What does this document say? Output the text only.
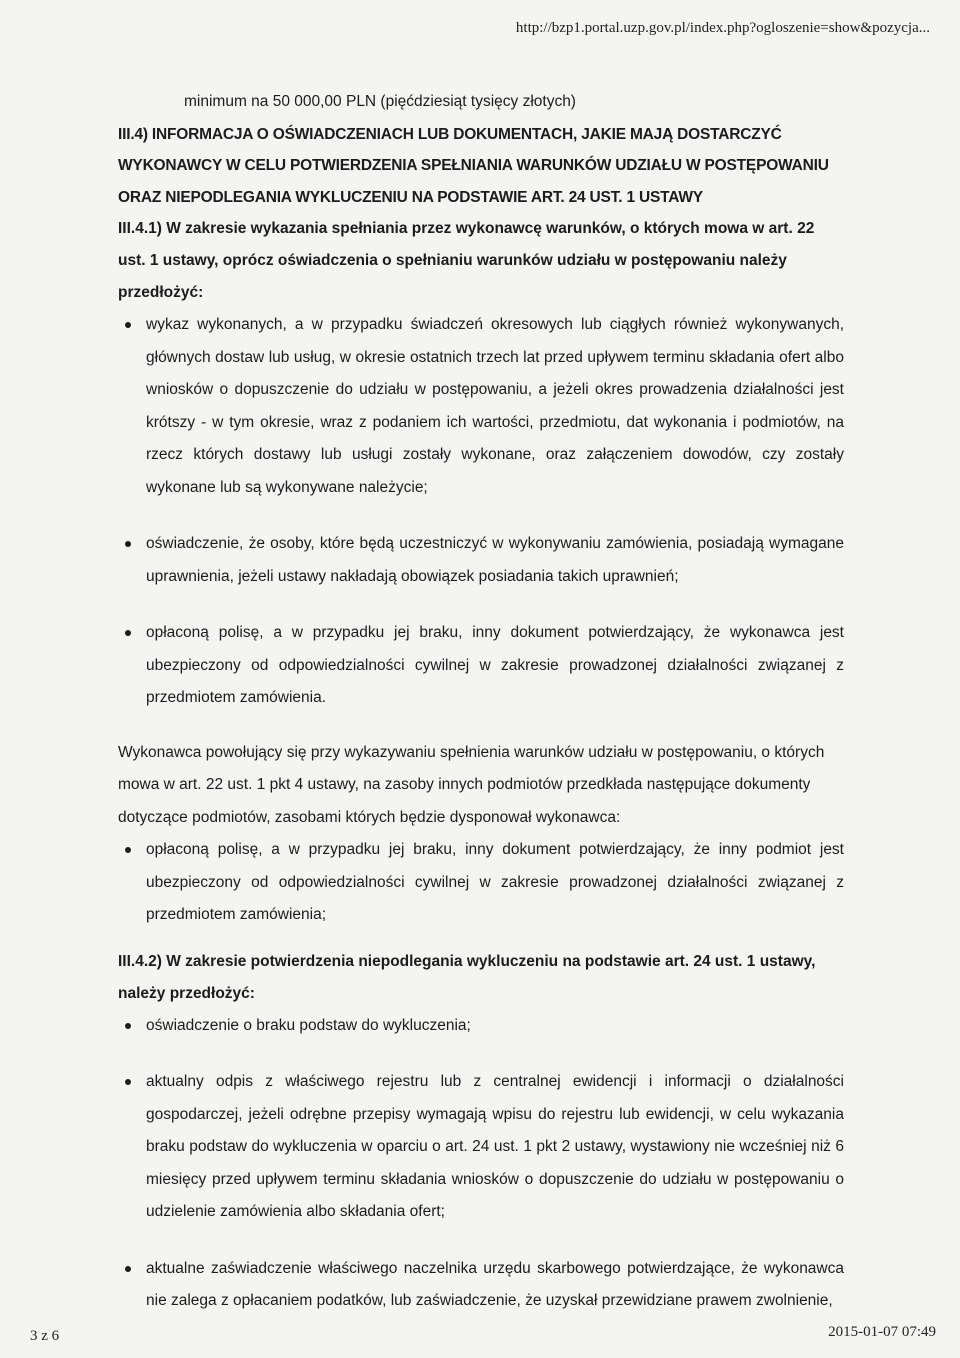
http://bzp1.portal.uzp.gov.pl/index.php?ogloszenie=show&pozycja...
minimum na 50 000,00 PLN (pięćdziesiąt tysięcy złotych)
III.4) INFORMACJA O OŚWIADCZENIACH LUB DOKUMENTACH, JAKIE MAJĄ DOSTARCZYĆ WYKONAWCY W CELU POTWIERDZENIA SPEŁNIANIA WARUNKÓW UDZIAŁU W POSTĘPOWANIU ORAZ NIEPODLEGANIA WYKLUCZENIU NA PODSTAWIE ART. 24 UST. 1 USTAWY
III.4.1) W zakresie wykazania spełniania przez wykonawcę warunków, o których mowa w art. 22 ust. 1 ustawy, oprócz oświadczenia o spełnianiu warunków udziału w postępowaniu należy przedłożyć:
wykaz wykonanych, a w przypadku świadczeń okresowych lub ciągłych również wykonywanych, głównych dostaw lub usług, w okresie ostatnich trzech lat przed upływem terminu składania ofert albo wniosków o dopuszczenie do udziału w postępowaniu, a jeżeli okres prowadzenia działalności jest krótszy - w tym okresie, wraz z podaniem ich wartości, przedmiotu, dat wykonania i podmiotów, na rzecz których dostawy lub usługi zostały wykonane, oraz załączeniem dowodów, czy zostały wykonane lub są wykonywane należycie;
oświadczenie, że osoby, które będą uczestniczyć w wykonywaniu zamówienia, posiadają wymagane uprawnienia, jeżeli ustawy nakładają obowiązek posiadania takich uprawnień;
opłaconą polisę, a w przypadku jej braku, inny dokument potwierdzający, że wykonawca jest ubezpieczony od odpowiedzialności cywilnej w zakresie prowadzonej działalności związanej z przedmiotem zamówienia.
Wykonawca powołujący się przy wykazywaniu spełnienia warunków udziału w postępowaniu, o których mowa w art. 22 ust. 1 pkt 4 ustawy, na zasoby innych podmiotów przedkłada następujące dokumenty dotyczące podmiotów, zasobami których będzie dysponował wykonawca:
opłaconą polisę, a w przypadku jej braku, inny dokument potwierdzający, że inny podmiot jest ubezpieczony od odpowiedzialności cywilnej w zakresie prowadzonej działalności związanej z przedmiotem zamówienia;
III.4.2) W zakresie potwierdzenia niepodlegania wykluczeniu na podstawie art. 24 ust. 1 ustawy, należy przedłożyć:
oświadczenie o braku podstaw do wykluczenia;
aktualny odpis z właściwego rejestru lub z centralnej ewidencji i informacji o działalności gospodarczej, jeżeli odrębne przepisy wymagają wpisu do rejestru lub ewidencji, w celu wykazania braku podstaw do wykluczenia w oparciu o art. 24 ust. 1 pkt 2 ustawy, wystawiony nie wcześniej niż 6 miesięcy przed upływem terminu składania wniosków o dopuszczenie do udziału w postępowaniu o udzielenie zamówienia albo składania ofert;
aktualne zaświadczenie właściwego naczelnika urzędu skarbowego potwierdzające, że wykonawca nie zalega z opłacaniem podatków, lub zaświadczenie, że uzyskał przewidziane prawem zwolnienie,
3 z 6	2015-01-07 07:49
